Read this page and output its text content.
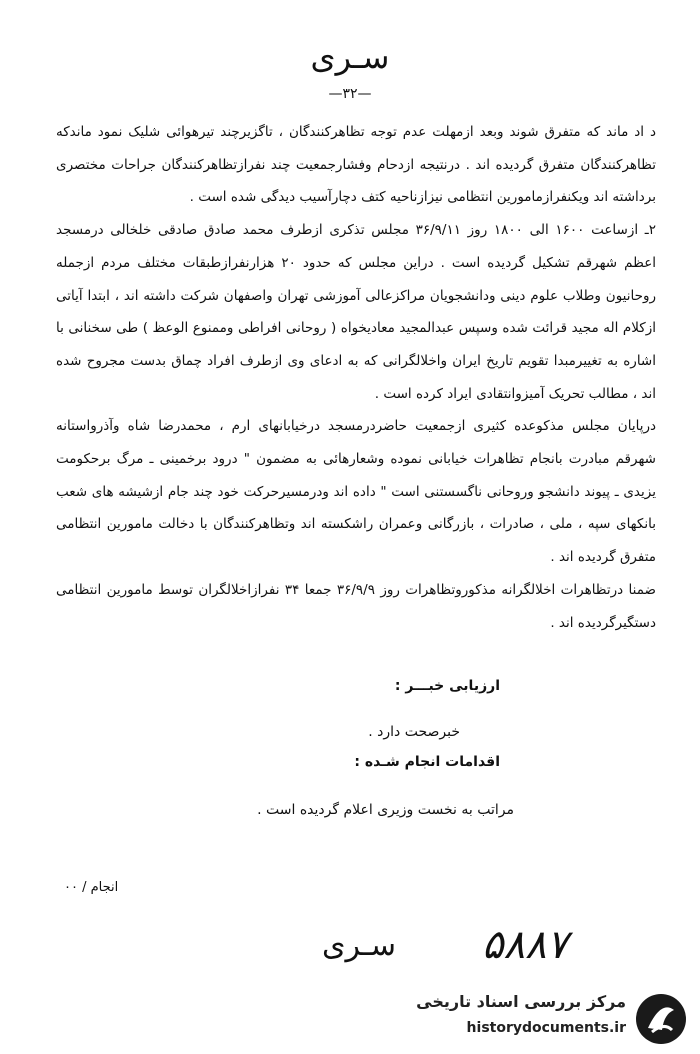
سـرى
—۳۲—

د اد ماند که متفرق شوند وبعد ازمهلت عدم توجه تظاهرکنندگان ، تاگزیرچند تیرهوائی شلیک نمود ماندکه تظاهرکنندگان متفرق گردیده اند . درنتیجه ازدحام وفشارجمعیت چند نفرازتظاهرکنندگان جراحات مختصری برداشته اند ویکنفرازمامورین انتظامی نیزازناحیه کتف دچارآسیب دیدگی شده است .

۲ـ ازساعت ۱۶۰۰ الی ۱۸۰۰ روز ۳۶/۹/۱۱ مجلس تذکری ازطرف محمد صادق صادقی خلخالی درمسجد اعظم شهرقم تشکیل گردیده است . دراین مجلس که حدود ۲۰ هزارنفرازطبقات مختلف مردم ازجمله روحانیون وطلاب علوم دینی ودانشجویان مراکزعالی آموزشی تهران واصفهان شرکت داشته اند ، ابتدا آیاتی ازکلام اله مجید قرائت شده وسپس عبدالمجید معادیخواه ( روحانی افراطی وممنوع الوعظ ) طی سخنانی با اشاره به تغییرمبدا تقویم تاریخ ایران واخلالگرانی که به ادعای وی ازطرف افراد چماق بدست مجروح شده اند ، مطالب تحریک آمیزوانتقادی ایراد کرده است .

درپایان مجلس مذکوعده کثیری ازجمعیت حاضردرمسجد درخیابانهای ارم ، محمدرضا شاه وآذرواستانه شهرقم مبادرت بانجام تظاهرات خیابانی نموده وشعارهائی به مضمون " درود برخمینی ـ مرگ برحکومت یزیدی ـ پیوند دانشجو وروحانی ناگسستنی است " داده اند ودرمسیرحرکت خود چند جام ازشیشه های شعب بانکهای سپه ، ملی ، صادرات ، بازرگانی وعمران راشکسته اند وتظاهرکنندگان با دخالت مامورین انتظامی متفرق گردیده اند .

ضمنا درتظاهرات اخلالگرانه مذکوروتظاهرات روز ۳۶/۹/۹ جمعا ۳۴ نفرازاخلالگران توسط مامورین انتظامی دستگیرگردیده اند .

ارزیابی خبـــر :
خبرصحت دارد .
اقدامات انجام شـده :
مراتب به نخست وزیری اعلام گردیده است .
انجام / ۰۰
سـرى ۵۸۸۷
مرکز بررسی اسناد تاریخی
historydocuments.ir
